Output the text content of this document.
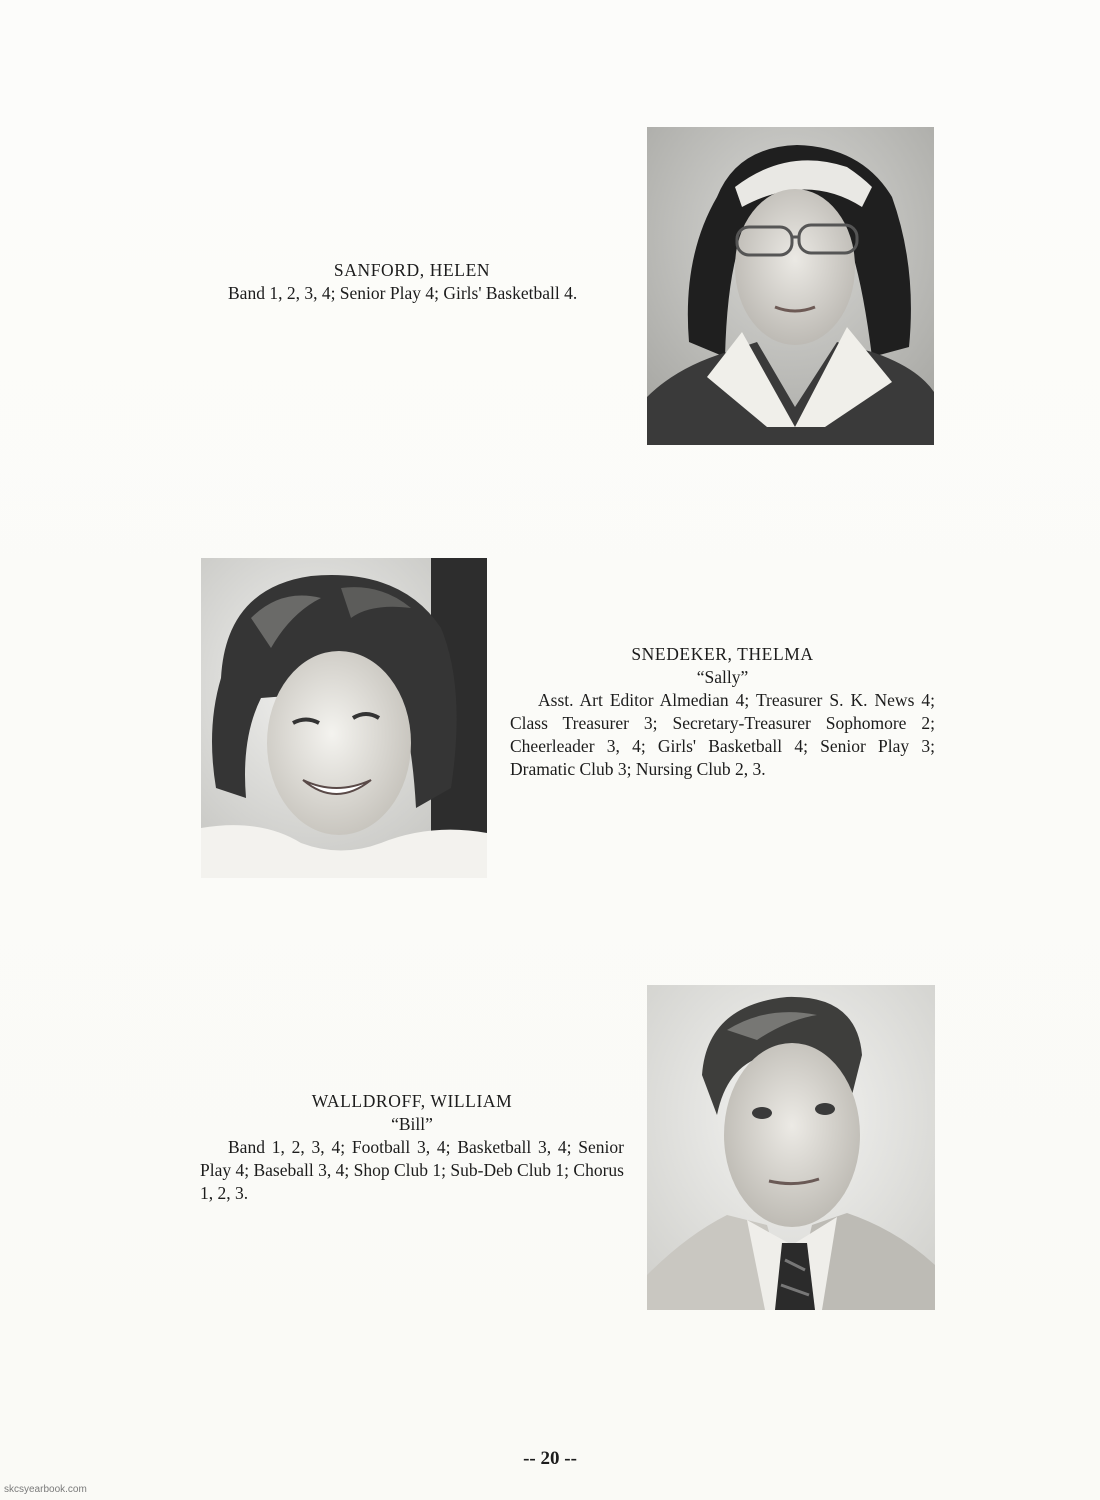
SANFORD, HELEN
Band 1, 2, 3, 4; Senior Play 4; Girls' Basketball 4.
SNEDEKER, THELMA
“Sally”
Asst. Art Editor Almedian 4; Treasurer S. K. News 4; Class Treasurer 3; Secretary-Treasurer Sophomore 2; Cheerleader 3, 4; Girls' Basketball 4; Senior Play 3; Dramatic Club 3; Nursing Club 2, 3.
WALLDROFF, WILLIAM
“Bill”
Band 1, 2, 3, 4; Football 3, 4; Basketball 3, 4; Senior Play 4; Baseball 3, 4; Shop Club 1; Sub-Deb Club 1; Chorus 1, 2, 3.
-- 20 --
skcsyearbook.com
